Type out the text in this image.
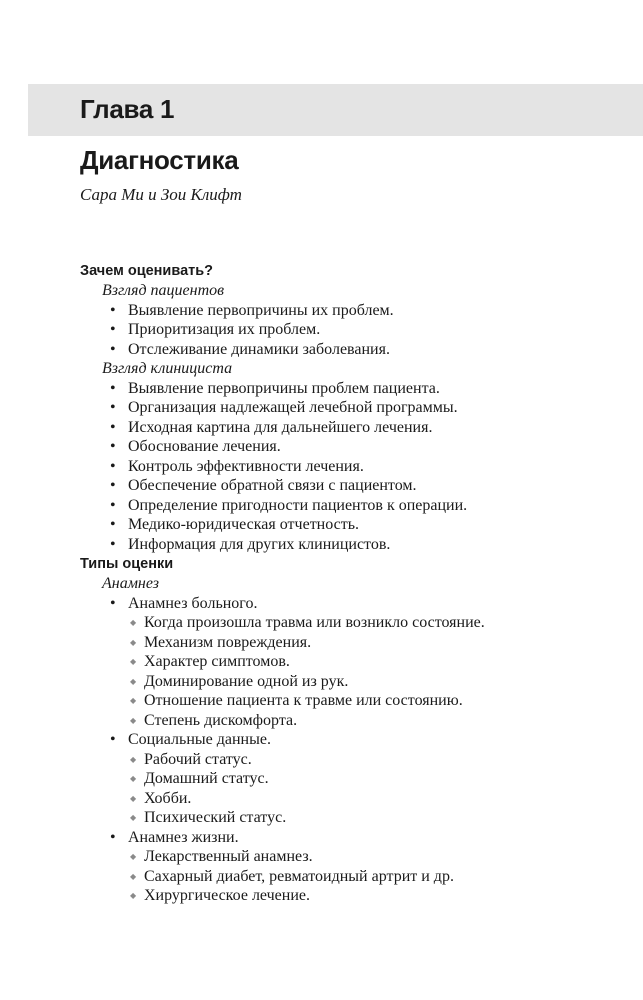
Глава 1
Диагностика
Сара Ми и Зои Клифт
Зачем оценивать?
Взгляд пациентов
• Выявление первопричины их проблем.
• Приоритизация их проблем.
• Отслеживание динамики заболевания.
Взгляд клинициста
• Выявление первопричины проблем пациента.
• Организация надлежащей лечебной программы.
• Исходная картина для дальнейшего лечения.
• Обоснование лечения.
• Контроль эффективности лечения.
• Обеспечение обратной связи с пациентом.
• Определение пригодности пациентов к операции.
• Медико-юридическая отчетность.
• Информация для других клиницистов.
Типы оценки
Анамнез
• Анамнез больного.
◆ Когда произошла травма или возникло состояние.
◆ Механизм повреждения.
◆ Характер симптомов.
◆ Доминирование одной из рук.
◆ Отношение пациента к травме или состоянию.
◆ Степень дискомфорта.
• Социальные данные.
◆ Рабочий статус.
◆ Домашний статус.
◆ Хобби.
◆ Психический статус.
• Анамнез жизни.
◆ Лекарственный анамнез.
◆ Сахарный диабет, ревматоидный артрит и др.
◆ Хирургическое лечение.
